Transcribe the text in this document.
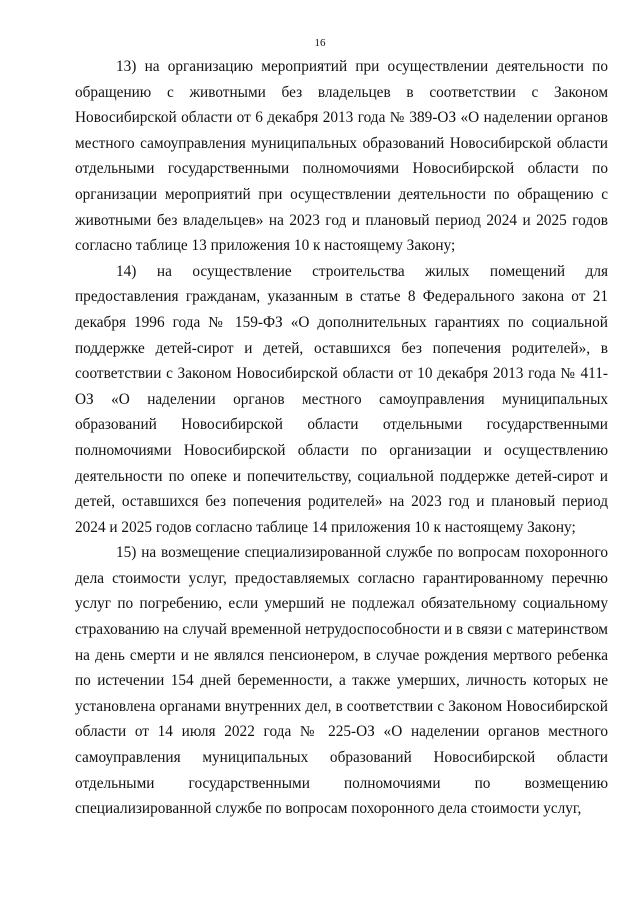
16

13) на организацию мероприятий при осуществлении деятельности по обращению с животными без владельцев в соответствии с Законом Новосибирской области от 6 декабря 2013 года № 389-ОЗ «О наделении органов местного самоуправления муниципальных образований Новосибирской области отдельными государственными полномочиями Новосибирской области по организации мероприятий при осуществлении деятельности по обращению с животными без владельцев» на 2023 год и плановый период 2024 и 2025 годов согласно таблице 13 приложения 10 к настоящему Закону;

14) на осуществление строительства жилых помещений для предоставления гражданам, указанным в статье 8 Федерального закона от 21 декабря 1996 года № 159-ФЗ «О дополнительных гарантиях по социальной поддержке детей-сирот и детей, оставшихся без попечения родителей», в соответствии с Законом Новосибирской области от 10 декабря 2013 года № 411-ОЗ «О наделении органов местного самоуправления муниципальных образований Новосибирской области отдельными государственными полномочиями Новосибирской области по организации и осуществлению деятельности по опеке и попечительству, социальной поддержке детей-сирот и детей, оставшихся без попечения родителей» на 2023 год и плановый период 2024 и 2025 годов согласно таблице 14 приложения 10 к настоящему Закону;

15) на возмещение специализированной службе по вопросам похоронного дела стоимости услуг, предоставляемых согласно гарантированному перечню услуг по погребению, если умерший не подлежал обязательному социальному страхованию на случай временной нетрудоспособности и в связи с материнством на день смерти и не являлся пенсионером, в случае рождения мертвого ребенка по истечении 154 дней беременности, а также умерших, личность которых не установлена органами внутренних дел, в соответствии с Законом Новосибирской области от 14 июля 2022 года № 225-ОЗ «О наделении органов местного самоуправления муниципальных образований Новосибирской области отдельными государственными полномочиями по возмещению специализированной службе по вопросам похоронного дела стоимости услуг,
